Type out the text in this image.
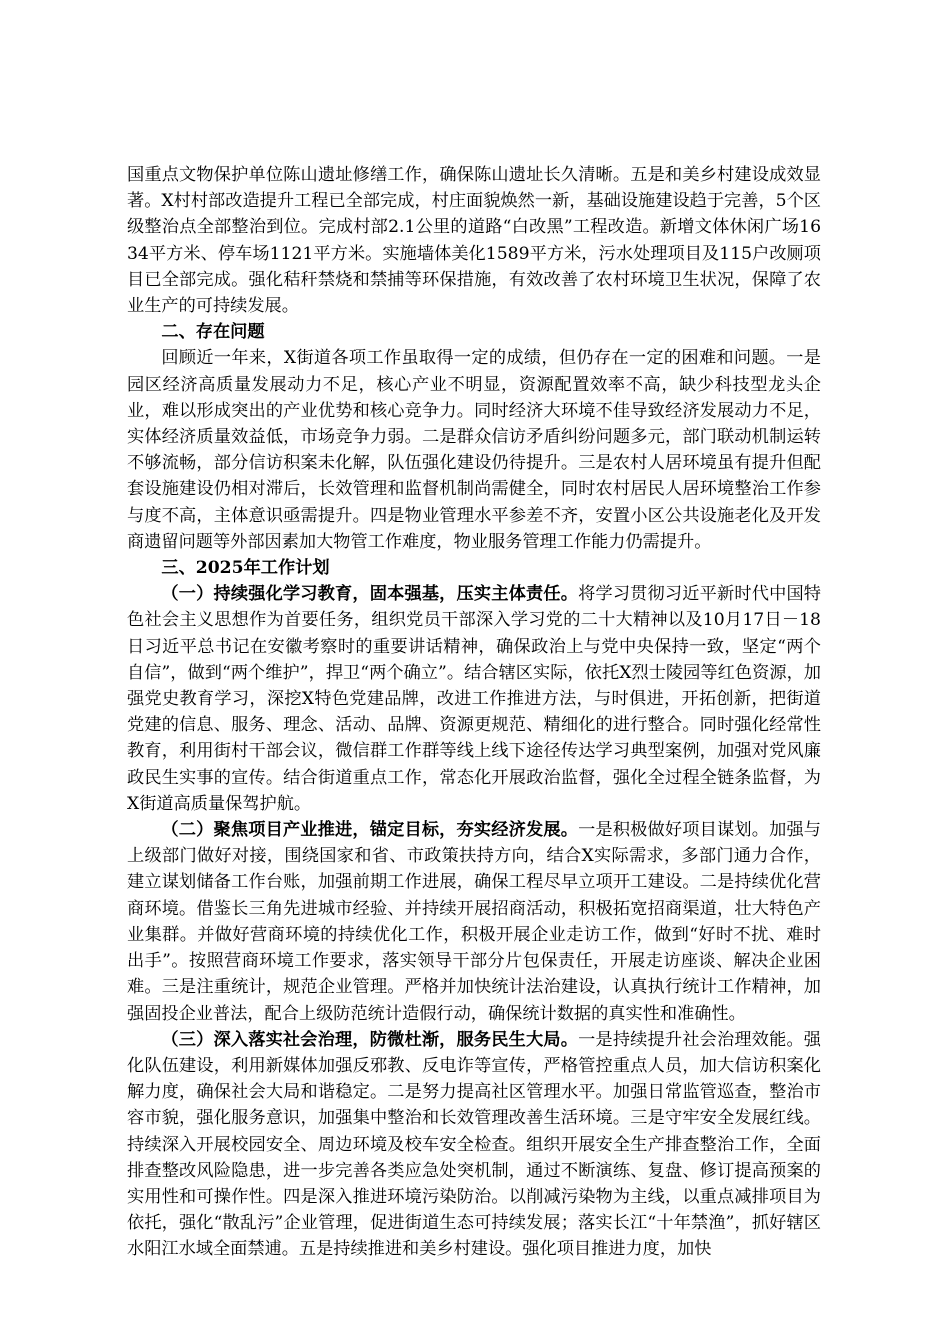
国重点文物保护单位陈山遗址修缮工作，确保陈山遗址长久清晰。五是和美乡村建设成效显著。X村村部改造提升工程已全部完成，村庄面貌焕然一新，基础设施建设趋于完善，5个区级整治点全部整治到位。完成村部2.1公里的道路“白改黑”工程改造。新增文体休闲广场1634平方米、停车场1121平方米。实施墙体美化1589平方米，污水处理项目及115户改厕项目已全部完成。强化秸秆禁烧和禁捕等环保措施，有效改善了农村环境卫生状况，保障了农业生产的可持续发展。

二、存在问题

回顾近一年来，X街道各项工作虽取得一定的成绩，但仍存在一定的困难和问题。一是园区经济高质量发展动力不足，核心产业不明显，资源配置效率不高，缺少科技型龙头企业，难以形成突出的产业优势和核心竞争力。同时经济大环境不佳导致经济发展动力不足，实体经济质量效益低，市场竞争力弱。二是群众信访矛盾纠纷问题多元，部门联动机制运转不够流畅，部分信访积案未化解，队伍强化建设仍待提升。三是农村人居环境虽有提升但配套设施建设仍相对滞后，长效管理和监督机制尚需健全，同时农村居民人居环境整治工作参与度不高，主体意识亟需提升。四是物业管理水平参差不齐，安置小区公共设施老化及开发商遗留问题等外部因素加大物管工作难度，物业服务管理工作能力仍需提升。

三、2025年工作计划

（一）持续强化学习教育，固本强基，压实主体责任。将学习贯彻习近平新时代中国特色社会主义思想作为首要任务，组织党员干部深入学习党的二十大精神以及10月17日－18日习近平总书记在安徽考察时的重要讲话精神，确保政治上与党中央保持一致，坚定“两个自信”，做到“两个维护”，捍卫“两个确立”。结合辖区实际，依托X烈士陵园等红色资源，加强党史教育学习，深挖X特色党建品牌，改进工作推进方法，与时俱进，开拓创新，把街道党建的信息、服务、理念、活动、品牌、资源更规范、精细化的进行整合。同时强化经常性教育，利用街村干部会议，微信群工作群等线上线下途径传达学习典型案例，加强对党风廉政民生实事的宣传。结合街道重点工作，常态化开展政治监督，强化全过程全链条监督，为X街道高质量保驾护航。

（二）聚焦项目产业推进，锚定目标，夯实经济发展。一是积极做好项目谋划。加强与上级部门做好对接，围绕国家和省、市政策扶持方向，结合X实际需求，多部门通力合作，建立谋划储备工作台账，加强前期工作进展，确保工程尽早立项开工建设。二是持续优化营商环境。借鉴长三角先进城市经验、并持续开展招商活动，积极拓宽招商渠道，壮大特色产业集群。并做好营商环境的持续优化工作，积极开展企业走访工作，做到“好时不扰、难时出手”。按照营商环境工作要求，落实领导干部分片包保责任，开展走访座谈、解决企业困难。三是注重统计，规范企业管理。严格并加快统计法治建设，认真执行统计工作精神，加强固投企业普法，配合上级防范统计造假行动，确保统计数据的真实性和准确性。

（三）深入落实社会治理，防微杜渐，服务民生大局。一是持续提升社会治理效能。强化队伍建设，利用新媒体加强反邪教、反电诈等宣传，严格管控重点人员，加大信访积案化解力度，确保社会大局和谐稳定。二是努力提高社区管理水平。加强日常监管巡查，整治市容市貌，强化服务意识，加强集中整治和长效管理改善生活环境。三是守牢安全发展红线。持续深入开展校园安全、周边环境及校车安全检查。组织开展安全生产排查整治工作，全面排查整改风险隐患，进一步完善各类应急处突机制，通过不断演练、复盘、修订提高预案的实用性和可操作性。四是深入推进环境污染防治。以削减污染物为主线，以重点减排项目为依托，强化“散乱污”企业管理，促进街道生态可持续发展；落实长江“十年禁渔”，抓好辖区水阳江水域全面禁逋。五是持续推进和美乡村建设。强化项目推进力度，加快
